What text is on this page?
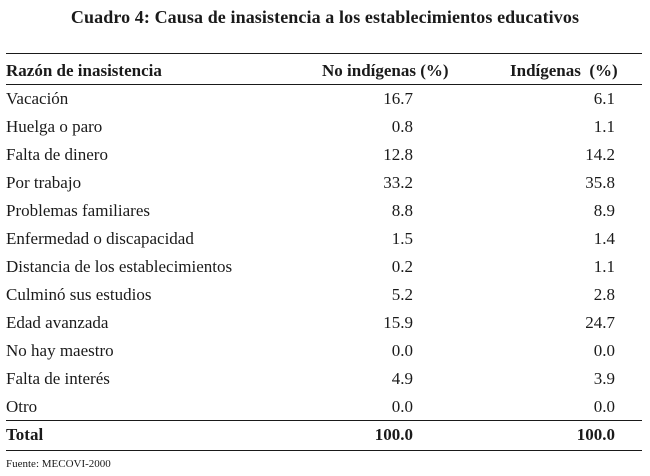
Cuadro 4: Causa de inasistencia a los establecimientos educativos
Razón de inasistencia	No indígenas (%)	Indígenas  (%)
Vacación	16.7	6.1
Huelga o paro	0.8	1.1
Falta de dinero	12.8	14.2
Por trabajo	33.2	35.8
Problemas familiares	8.8	8.9
Enfermedad o discapacidad	1.5	1.4
Distancia de los establecimientos	0.2	1.1
Culminó sus estudios	5.2	2.8
Edad avanzada	15.9	24.7
No hay maestro	0.0	0.0
Falta de interés	4.9	3.9
Otro	0.0	0.0
Total	100.0	100.0
Fuente: MECOVI-2000
